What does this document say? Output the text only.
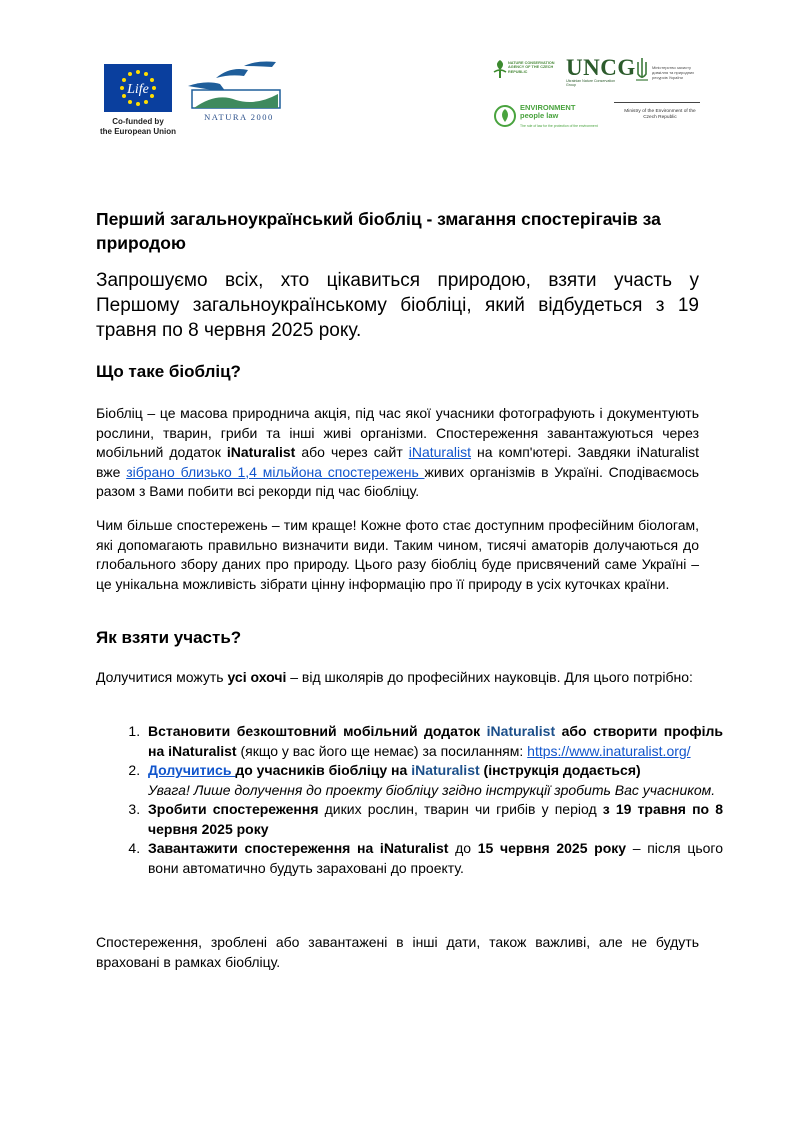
Life
Co-funded by
the European Union
NATURA 2000
NATURE CONSERVATION AGENCY OF THE CZECH REPUBLIC	UNCG
Ukrainian Nature Conservation Group
Міністерство захисту довкілля та природних ресурсів України
ENVIRONMENT people law
The rule of law for the protection of the environment
Ministry of the Environment of the Czech Republic
Перший загальноукраїнський біобліц - змагання спостерігачів за природою
Запрошуємо всіх, хто цікавиться природою, взяти участь у Першому загальноукраїнському біобліці, який відбудеться з 19 травня по 8 червня 2025 року.
Що таке біобліц?
Біобліц – це масова природнича акція, під час якої учасники фотографують і документують рослини, тварин, гриби та інші живі організми. Спостереження завантажуються через мобільний додаток iNaturalist або через сайт iNaturalist на комп'ютері. Завдяки iNaturalist вже зібрано близько 1,4 мільйона спостережень живих організмів в Україні. Сподіваємось разом з Вами побити всі рекорди під час біобліцу.
Чим більше спостережень – тим краще! Кожне фото стає доступним професійним біологам, які допомагають правильно визначити види. Таким чином, тисячі аматорів долучаються до глобального збору даних про природу. Цього разу біобліц буде присвячений саме Україні – це унікальна можливість зібрати цінну інформацію про її природу в усіх куточках країни.
Як взяти участь?
Долучитися можуть усі охочі – від школярів до професійних науковців. Для цього потрібно:
1. Встановити безкоштовний мобільний додаток iNaturalist або створити профіль на iNaturalist (якщо у вас його ще немає) за посиланням: https://www.inaturalist.org/
2. Долучитись до учасників біобліцу на iNaturalist (інструкція додається)
Увага! Лише долучення до проекту біобліцу згідно інструкції зробить Вас учасником.
3. Зробити спостереження диких рослин, тварин чи грибів у період з 19 травня по 8 червня 2025 року
4. Завантажити спостереження на iNaturalist до 15 червня 2025 року – після цього вони автоматично будуть зараховані до проекту.
Спостереження, зроблені або завантажені в інші дати, також важливі, але не будуть враховані в рамках біобліцу.
